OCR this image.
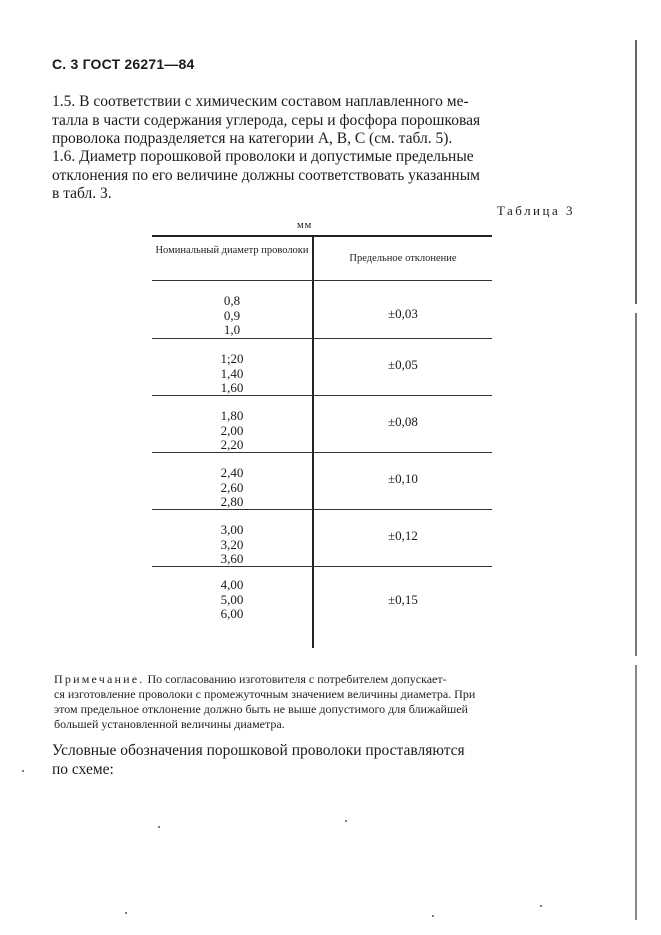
С. 3 ГОСТ 26271—84
1.5. В соответствии с химическим составом наплавленного ме-
талла в части содержания углерода, серы и фосфора порошковая
проволока подразделяется на категории А, В, С (см. табл. 5).
1.6. Диаметр порошковой проволоки и допустимые предельные
отклонения по его величине должны соответствовать указанным
в табл. 3.
Таблица 3
мм
Номинальный диаметр проволоки
Предельное отклонение
0,8
0,9
1,0
±0,03
1;20
1,40
1,60
±0,05
1,80
2,00
2,20
±0,08
2,40
2,60
2,80
±0,10
3,00
3,20
3,60
±0,12
4,00
5,00
6,00
±0,15
Примечание. По согласованию изготовителя с потребителем допускает-
ся изготовление проволоки с промежуточным значением величины диаметра. При
этом предельное отклонение должно быть не выше допустимого для ближайшей
большей установленной величины диаметра.
Условные обозначения порошковой проволоки проставляются
по схеме:
